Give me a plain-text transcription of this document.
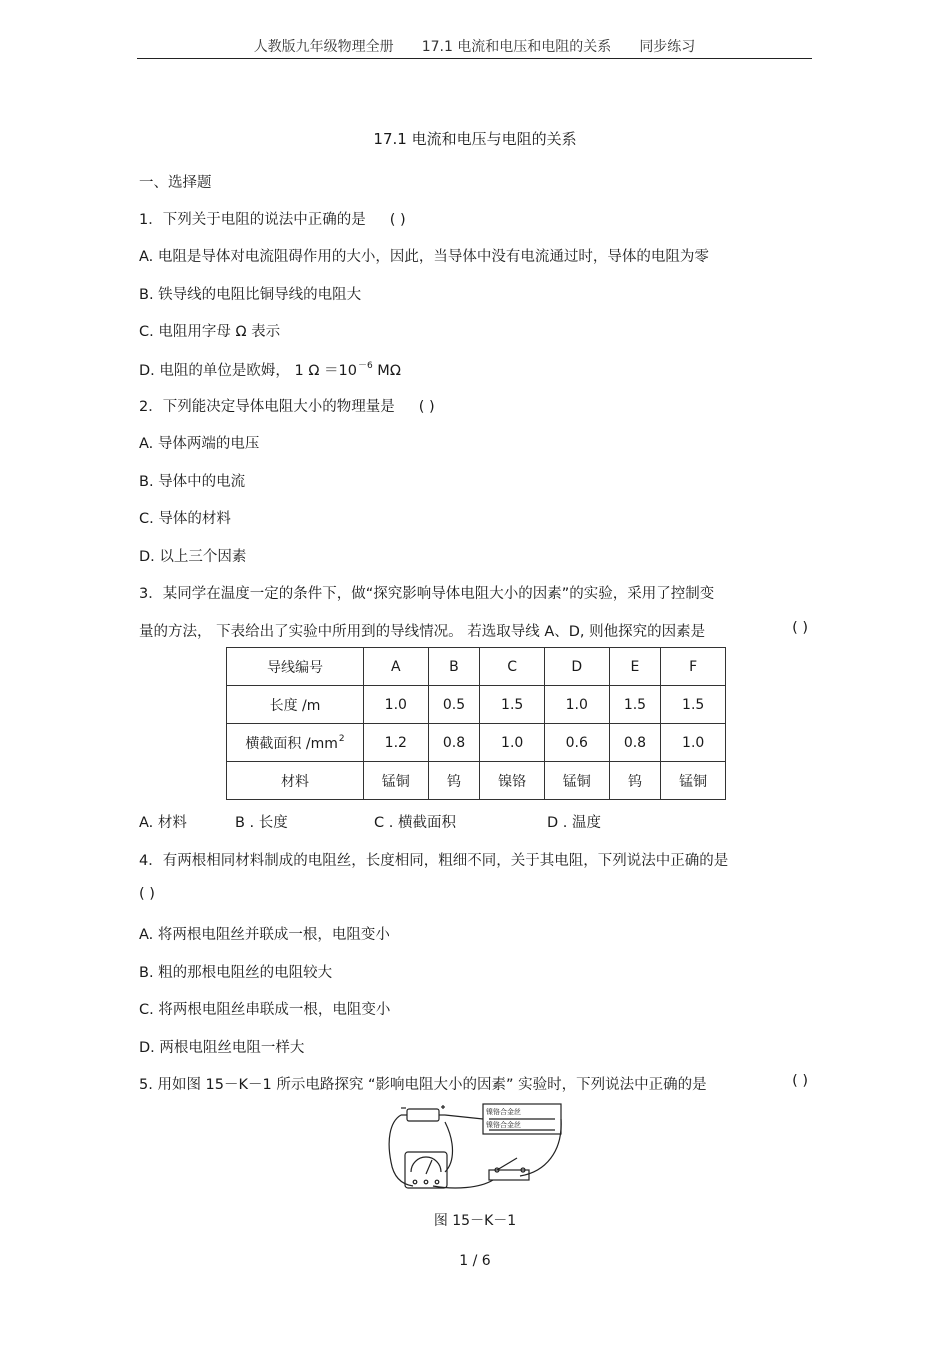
人教版九年级物理全册 17.1 电流和电压和电阻的关系 同步练习
17.1 电流和电压与电阻的关系
一、选择题
1．下列关于电阻的说法中正确的是 ( )
A. 电阻是导体对电流阻碍作用的大小，因此，当导体中没有电流通过时，导体的电阻为零
B. 铁导线的电阻比铜导线的电阻大
C. 电阻用字母 Ω 表示
D. 电阻的单位是欧姆， 1 $\Omega =10^{-6}$ MΩ
2．下列能决定导体电阻大小的物理量是 ( )
A. 导体两端的电压
B. 导体中的电流
C. 导体的材料
D. 以上三个因素
3．某同学在温度一定的条件下，做“探究影响导体电阻大小的因素”的实验，采用了控制变
量的方法， 下表给出了实验中所用到的导线情况。 若选取导线 A、D, 则他探究的因素是	( )
导线编号	A	B	C	D	E	F
长度 /m	1.0	0.5	1.5	1.0	1.5	1.5
横截面积 $/mm^2$	1.2	0.8	1.0	0.6	0.8	1.0
材料	锰铜	钨	镍铬	锰铜	钨	锰铜
A. 材料	B . 长度	C . 横截面积	D . 温度
4．有两根相同材料制成的电阻丝，长度相同，粗细不同，关于其电阻，下列说法中正确的是
( )
A. 将两根电阻丝并联成一根，电阻变小
B. 粗的那根电阻丝的电阻较大
C. 将两根电阻丝串联成一根，电阻变小
D. 两根电阻丝电阻一样大
5. 用如图 15－K－1 所示电路探究 “影响电阻大小的因素” 实验时，下列说法中正确的是	( )
镍铬合金丝
镍铬合金丝
图 15－K－1
1 / 6
